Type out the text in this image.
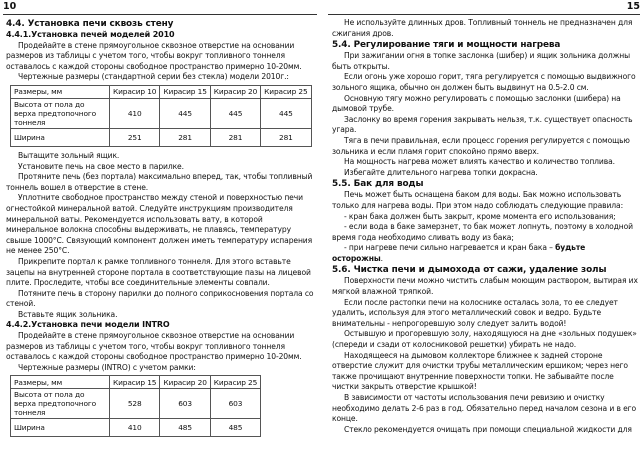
10
4.4. Установка печи сквозь стену
4.4.1.Установка печей моделей 2010

Продейайте в стене прямоугольное сквозное отверстие на основании размеров из таблицы с учетом того, чтобы вокруг топливного тоннеля оставалось с каждой стороны свободное пространство примерно 10-20мм.

Чертежные размеры (стандартной серии без стекла) модели 2010г.:

Размеры, мм	Кирасир 10	Кирасир 15	Кирасир 20	Кирасир 25
Высота от пола до верха предтопочного тоннеля	410	445	445	445
Ширина	251	281	281	281

Вытащите зольный ящик.

Установите печь на свое место в парилке.

Протяните печь (без портала) максимально вперед, так, чтобы топливный тоннель вошел в отверстие в стене.

Уплотните свободное пространство между стеной и поверхностью печи огнестойкой минеральной ватой. Следуйте инструкциям производителя минеральной ваты. Рекомендуется использовать вату, в которой минеральное волокна способны выдерживать, не плавясь, температуру свыше 1000°С. Связующий компонент должен иметь температуру испарения не менее 250°С.

Прикрепите портал к рамке топливного тоннеля. Для этого вставьте зацепы на внутренней стороне портала в соответствующие пазы на лицевой плите. Проследите, чтобы все соединительные элементы совпали.

Потяните печь в сторону парилки до полного соприкосновения портала со стеной.

Вставьте ящик зольника.

4.4.2.Установка печи модели INTRO

Продейайте в стене прямоугольное сквозное отверстие на основании размеров из таблицы с учетом того, чтобы вокруг топливного тоннеля оставалось с каждой стороны свободное пространство примерно 10-20мм.

Чертежные размеры (INTRO) с учетом рамки:

Размеры, мм	Кирасир 15	Кирасир 20	Кирасир 25
Высота от пола до верха предтопочного тоннеля	528	603	603
Ширина	410	485	485
15

Не используйте длинных дров. Топливный тоннель не предназначен для сжигания дров.

5.4. Регулирование тяги и мощности нагрева

При зажигании огня в топке заслонка (шибер) и ящик зольника должны быть открыты.

Если огонь уже хорошо горит, тяга регулируется с помощью выдвижного зольного ящика, обычно он должен быть выдвинут на 0.5-2.0 см.

Основную тягу можно регулировать с помощью заслонки (шибера) на дымовой трубе.

Заслонку во время горения закрывать нельзя, т.к. существует опасность угара.

Тяга в печи правильная, если процесс горения регулируется с помощью зольника и если пламя горит спокойно прямо вверх.

На мощность нагрева может влиять качество и количество топлива.

Избегайте длительного нагрева топки докрасна.

5.5. Бак для воды

Печь может быть оснащена баком для воды. Бак можно использовать только для нагрева воды. При этом надо соблюдать следующие правила:

- кран бака должен быть закрыт, кроме момента его использования;

- если вода в баке замерзнет, то бак может лопнуть, поэтому в холодной время года необходимо сливать воду из бака;

- при нагреве печи сильно нагревается и кран бака – будьте осторожны.

5.6. Чистка печи и дымохода от сажи, удаление золы

Поверхности печи можно чистить слабым моющим раствором, вытирая их мягкой влажной тряпкой.

Если после растопки печи на колоснике осталась зола, то ее следует удалить, используя для этого металлический совок и ведро. Будьте внимательны - непрогоревшую золу следует залить водой!

Остывшую и прогоревшую золу, находящуюся на дне «зольных подушек» (спереди и сзади от колосниковой решетки) убирать не надо.

Находящееся на дымовом коллекторе ближнее к задней стороне отверстие служит для очистки трубы металлическим ершиком; через него также прочищают внутренние поверхности топки. Не забывайте после чистки закрыть отверстие крышкой!

В зависимости от частоты использования печи ревизию и очистку необходимо делать 2-6 раз в год. Обязательно перед началом сезона и в его конце.

Стекло рекомендуется очищать при помощи специальной жидкости для
